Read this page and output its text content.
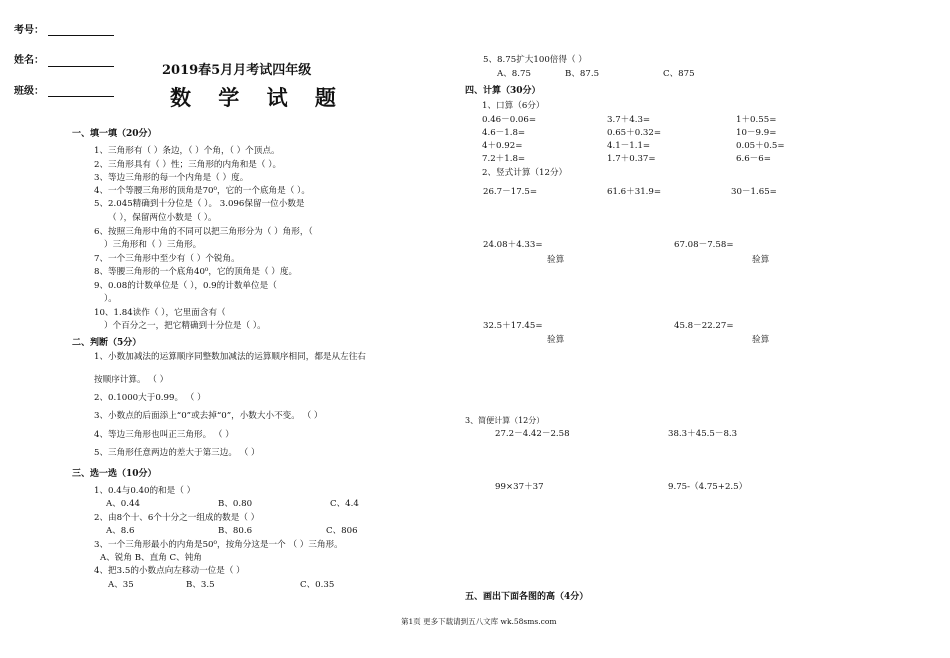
考号：
姓名：
班级：
2019春5月月考试四年级
数 学 试 题
一、填一填（20分）
1、三角形有（ ）条边，（ ）个角，（ ）个顶点。
2、三角形具有（ ）性；三角形的内角和是（ ）。
3、等边三角形的每一个内角是（ ）度。
4、一个等腰三角形的顶角是70⁰，它的一个底角是（ ）。
5、2.045精确到十分位是（ ）。 3.096保留一位小数是
（ ），保留两位小数是（ ）。
6、按照三角形中角的不同可以把三角形分为（ ）角形，（
）三角形和（ ）三角形。
7、一个三角形中至少有（ ）个锐角。
8、等腰三角形的一个底角40⁰，它的顶角是（ ）度。
9、0.08的计数单位是（ ），0.9的计数单位是（
）。
10、1.84读作（ ），它里面含有（
）个百分之一，把它精确到十分位是（ ）。
二、判断（5分）
1、小数加减法的运算顺序同整数加减法的运算顺序相同，都是从左往右
按顺序计算。 （ ）
2、0.1000大于0.99。 （ ）
3、小数点的后面添上“0”或去掉“0”，小数大小不变。 （ ）
4、等边三角形也叫正三角形。 （ ）
5、三角形任意两边的差大于第三边。 （ ）
三、选一选（10分）
1、0.4与0.40的和是（ ）
A、0.44	B、0.80	C、4.4
2、由8个十、6个十分之一组成的数是（ ）
A、8.6	B、80.6	C、806
3、一个三角形最小的内角是50⁰，按角分这是一个 （ ）三角形。
A、锐角 B、直角 C、钝角
4、把3.5的小数点向左移动一位是（ ）
A、35	B、3.5	C、0.35
5、8.75扩大100倍得（ ）
A、8.75	B、87.5	C、875
四、计算（30分）
1、口算（6分）
0.46－0.06=	3.7＋4.3=	1＋0.55=
4.6－1.8=	0.65＋0.32=	10－9.9=
4＋0.92=	4.1－1.1=	0.05＋0.5=
7.2＋1.8=	1.7＋0.37=	6.6－6=
2、竖式计算（12分）
26.7－17.5=	61.6＋31.9=	30－1.65=
24.08＋4.33=	67.08－7.58=
验算	验算
32.5＋17.45=	45.8－22.27=
验算	验算
3、简便计算（12分）
27.2－4.42－2.58	38.3＋45.5－8.3
99×37＋37	9.75-（4.75+2.5）
五、画出下面各图的高（4分）
第1页 更多下载请到五八文库 wk.58sms.com
